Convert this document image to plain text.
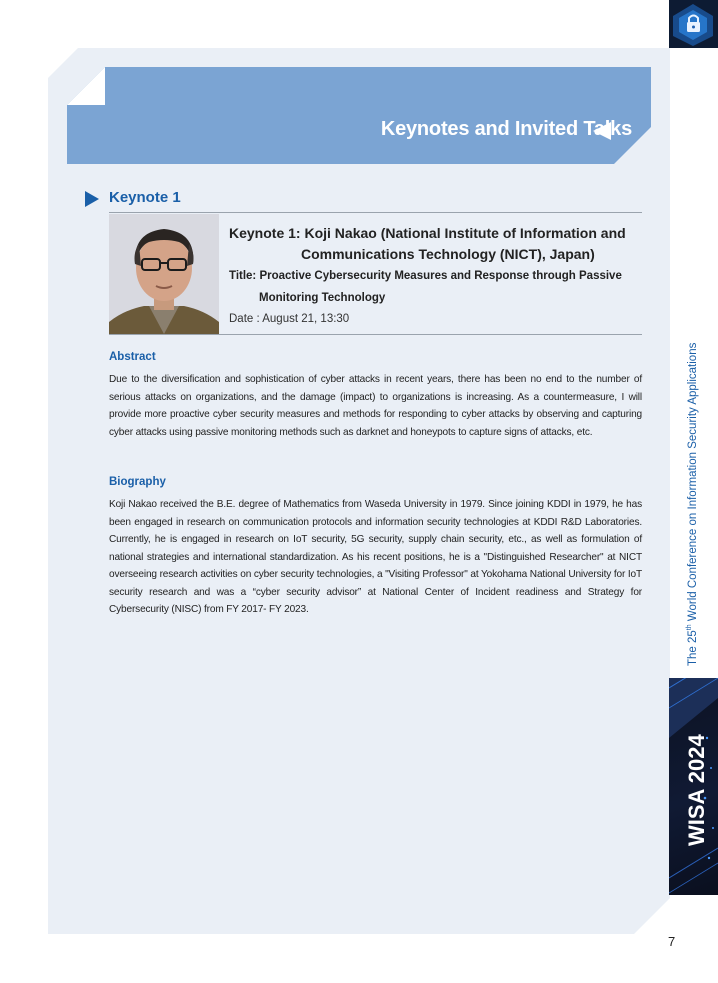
Keynotes and Invited Talks
Keynote 1
Keynote 1: Koji Nakao (National Institute of Information and
Communications Technology (NICT), Japan)
Title: Proactive Cybersecurity Measures and Response through Passive
Monitoring Technology
Date : August 21, 13:30
Abstract
Due to the diversification and sophistication of cyber attacks in recent years, there has been no end to the number of serious attacks on organizations, and the damage (impact) to organizations is increasing. As a countermeasure, I will provide more proactive cyber security measures and methods for responding to cyber attacks by observing and capturing cyber attacks using passive monitoring methods such as darknet and honeypots to capture signs of attacks, etc.
Biography
Koji Nakao received the B.E. degree of Mathematics from Waseda University in 1979. Since joining KDDI in 1979, he has been engaged in research on communication protocols and information security technologies at KDDI R&D Laboratories. Currently, he is engaged in research on IoT security, 5G security, supply chain security, etc., as well as formulation of national strategies and international standardization. As his recent positions, he is a "Distinguished Researcher" at NICT overseeing research activities on cyber security technologies, a "Visiting Professor" at Yokohama National University for IoT security research and was a “cyber security advisor” at National Center of Incident readiness and Strategy for Cybersecurity (NISC) from FY 2017- FY 2023.
The 25th World Conference on Information Security Applications
WISA 2024
7
